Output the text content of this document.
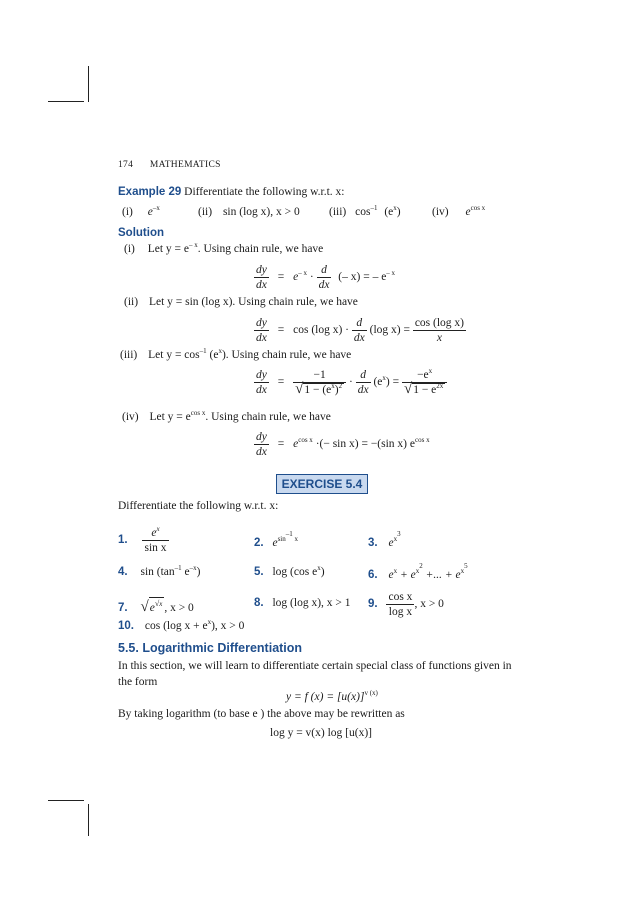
174 MATHEMATICS
Example 29 Differentiate the following w.r.t. x:
(i) $e^{-x}$	(ii) sin (log x), x > 0	(iii) $\cos^{-1} (e^x)$	(iv) $e^{cos x}$
Solution
(i) Let $y = e^{- x}$. Using chain rule, we have
$\frac{dy}{dx} = e^{- x} \cdot \frac{d}{dx}$ (– x) = – $e^{- x}$
(ii) Let y = sin (log x). Using chain rule, we have
$\frac{dy}{dx} = \cos (\log$ $x) \cdot \frac{d}{dx} (\log$ $x) = \frac{\text{cos (log x)}}{x}$
(iii) Let $y = \cos^{-1} (e^x)$. Using chain rule, we have
$\frac{dy}{dx} = \frac{-1}{√1 - (e^x)^2} \cdot \frac{d}{dx} (e^x) = \frac{-e^x}{√1 - e^{2x}}$
(iv) Let $y = e^{cos x}$. Using chain rule, we have
$\frac{dy}{dx} = e^{cos x}$ ·(− sin x) = −(sin x) $e^{cos x}$
EXERCISE 5.4
Differentiate the following w.r.t. x:
1. $\frac{e^x}{\text{sin x}}$	2. $e^{sin^{-1} x}$	3. $e^{x^3}$
4. $\sin (\tan^{-1}$ $e^{-x}$)	5. log (cos $e^x$)	6. $e^x + e^{x^2}$ +... + $e^{x^5}$
7. $√e^{√x}$ , x > 0	8. log (log x), x > 1 9. $\frac{\text{cos x}}{\text{log x}}$ , x > 0
10. cos (log $x + e^x$), x > 0
5.5. Logarithmic Differentiation
In this section, we will learn to differentiate certain special class of functions given in
the form
y = f $(x) = [u(x)]^{v (x)}$
By taking logarithm (to base e ) the above may be rewritten as
log y = v(x) log [u(x)]
